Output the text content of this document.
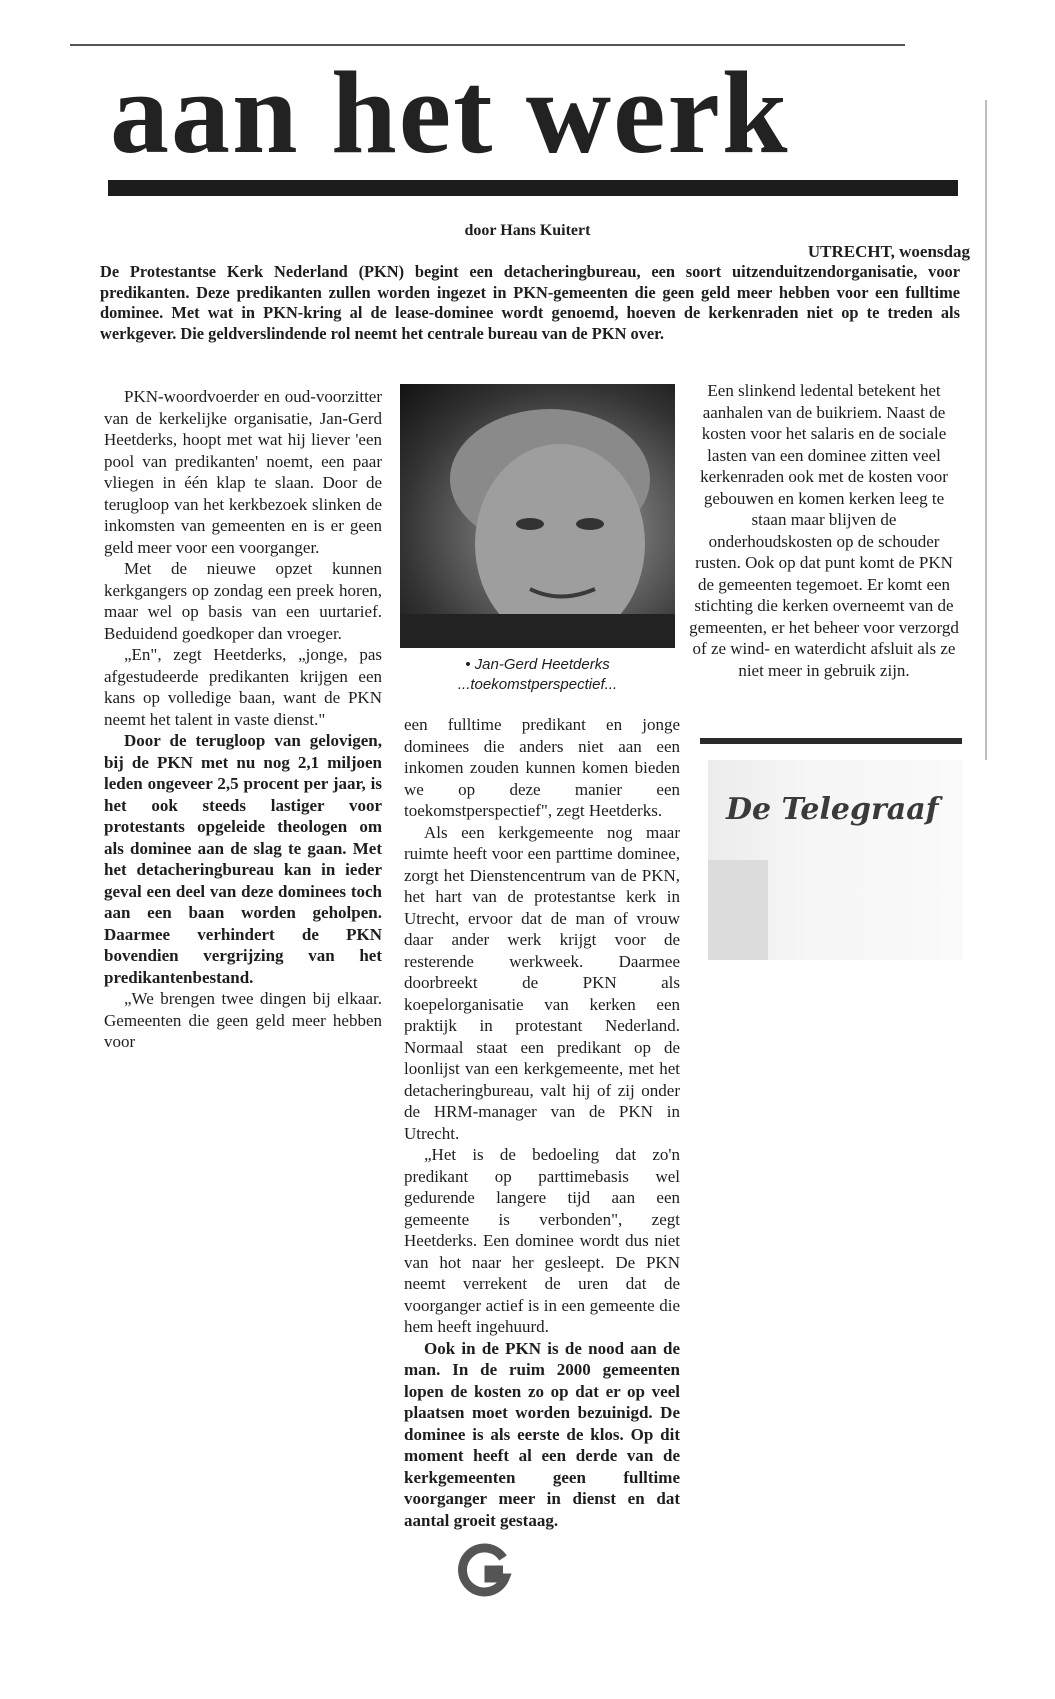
aan het werk
door Hans Kuitert
UTRECHT, woensdag
De Protestantse Kerk Nederland (PKN) begint een detacheringbureau, een soort uitzenduitzendorganisatie, voor predikanten. Deze predikanten zullen worden ingezet in PKN-gemeenten die geen geld meer hebben voor een fulltime dominee. Met wat in PKN-kring al de lease-dominee wordt genoemd, hoeven de kerkenraden niet op te treden als werkgever. Die geldverslindende rol neemt het centrale bureau van de PKN over.

PKN-woordvoerder en oud-voorzitter van de kerkelijke organisatie, Jan-Gerd Heetderks, hoopt met wat hij liever 'een pool van predikanten' noemt, een paar vliegen in één klap te slaan. Door de terugloop van het kerkbezoek slinken de inkomsten van gemeenten en is er geen geld meer voor een voorganger.

Met de nieuwe opzet kunnen kerkgangers op zondag een preek horen, maar wel op basis van een uurtarief. Beduidend goedkoper dan vroeger.

„En", zegt Heetderks, „jonge, pas afgestudeerde predikanten krijgen een kans op volledige baan, want de PKN neemt het talent in vaste dienst."

Door de terugloop van gelovigen, bij de PKN met nu nog 2,1 miljoen leden ongeveer 2,5 procent per jaar, is het ook steeds lastiger voor protestants opgeleide theologen om als dominee aan de slag te gaan. Met het detacheringbureau kan in ieder geval een deel van deze dominees toch aan een baan worden geholpen. Daarmee verhindert de PKN bovendien vergrijzing van het predikantenbestand.

„We brengen twee dingen bij elkaar. Gemeenten die geen geld meer hebben voor

• Jan-Gerd Heetderks
...toekomstperspectief...

een fulltime predikant en jonge dominees die anders niet aan een inkomen zouden kunnen komen bieden we op deze manier een toekomstperspectief", zegt Heetderks.

Als een kerkgemeente nog maar ruimte heeft voor een parttime dominee, zorgt het Dienstencentrum van de PKN, het hart van de protestantse kerk in Utrecht, ervoor dat de man of vrouw daar ander werk krijgt voor de resterende werkweek. Daarmee doorbreekt de PKN als koepelorganisatie van kerken een praktijk in protestant Nederland. Normaal staat een predikant op de loonlijst van een kerkgemeente, met het detacheringbureau, valt hij of zij onder de HRM-manager van de PKN in Utrecht.

„Het is de bedoeling dat zo'n predikant op parttimebasis wel gedurende langere tijd aan een gemeente is verbonden", zegt Heetderks. Een dominee wordt dus niet van hot naar her gesleept. De PKN neemt verrekent de uren dat de voorganger actief is in een gemeente die hem heeft ingehuurd.

Ook in de PKN is de nood aan de man. In de ruim 2000 gemeenten lopen de kosten zo op dat er op veel plaatsen moet worden bezuinigd. De dominee is als eerste de klos. Op dit moment heeft al een derde van de kerkgemeenten geen fulltime voorganger meer in dienst en dat aantal groeit gestaag.

Een slinkend ledental betekent het aanhalen van de buikriem. Naast de kosten voor het salaris en de sociale lasten van een dominee zitten veel kerkenraden ook met de kosten voor gebouwen en komen kerken leeg te staan maar blijven de onderhoudskosten op de schouder rusten. Ook op dat punt komt de PKN de gemeenten tegemoet. Er komt een stichting die kerken overneemt van de gemeenten, er het beheer voor verzorgd of ze wind- en waterdicht afsluit als ze niet meer in gebruik zijn.

De Telegraaf
